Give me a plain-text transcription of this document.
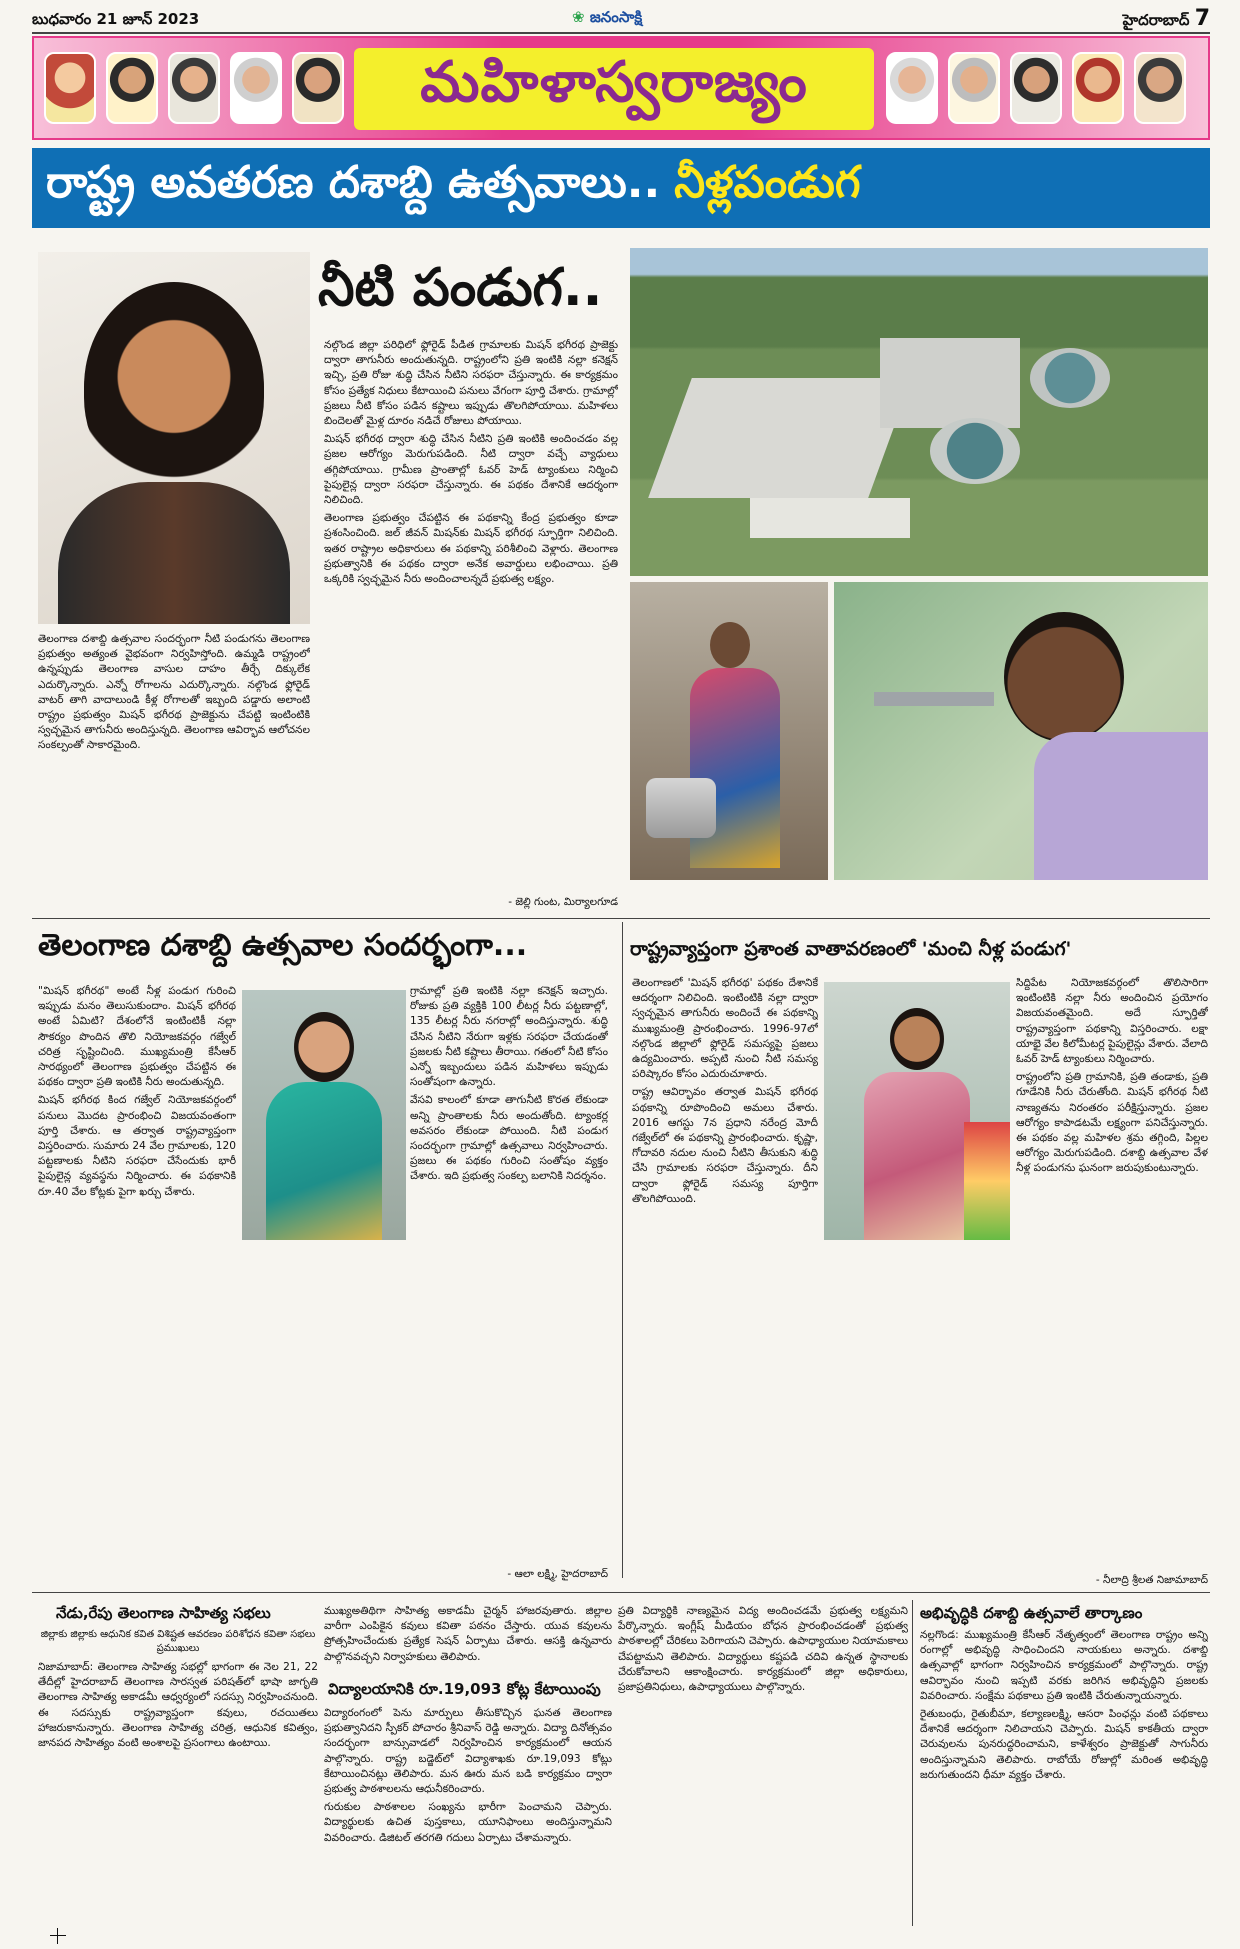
బుధవారం 21 జూన్ 2023	❀ జనంసాక్షి	హైదరాబాద్ 7
మహిళాస్వరాజ్యం
రాష్ట్ర అవతరణ దశాబ్ది ఉత్సవాలు.. నీళ్లపండుగ
నీటి పండుగ..

తెలంగాణ దశాబ్ది ఉత్సవాల సందర్భంగా నీటి పండుగను తెలంగాణ ప్రభుత్వం అత్యంత వైభవంగా నిర్వహిస్తోంది. ఉమ్మడి రాష్ట్రంలో ఉన్నప్పుడు తెలంగాణ వాసుల దాహం తీర్చే దిక్కులేక ఎదుర్కొన్నారు. ఎన్నో రోగాలను ఎదుర్కొన్నారు. నల్గొండ ఫ్లోరైడ్ వాటర్ తాగి వాదాలుండి కీళ్ల రోగాలతో ఇబ్బంది పడ్డారు అలాంటి రాష్ట్రం ప్రభుత్వం మిషన్ భగీరథ ప్రాజెక్టును చేపట్టి ఇంటింటికి స్వచ్ఛమైన తాగునీరు అందిస్తున్నది. తెలంగాణ ఆవిర్భావ ఆలోచనల సంకల్పంతో సాకారమైంది.

నల్గొండ జిల్లా పరిధిలో ఫ్లోరైడ్ పీడిత గ్రామాలకు మిషన్ భగీరథ ప్రాజెక్టు ద్వారా తాగునీరు అందుతున్నది. రాష్ట్రంలోని ప్రతి ఇంటికి నల్లా కనెక్షన్ ఇచ్చి, ప్రతి రోజు శుద్ధి చేసిన నీటిని సరఫరా చేస్తున్నారు. ఈ కార్యక్రమం కోసం ప్రత్యేక నిధులు కేటాయించి పనులు వేగంగా పూర్తి చేశారు. గ్రామాల్లో ప్రజలు నీటి కోసం పడిన కష్టాలు ఇప్పుడు తొలగిపోయాయి. మహిళలు బిందెలతో మైళ్ల దూరం నడిచే రోజులు పోయాయి.

మిషన్ భగీరథ ద్వారా శుద్ధి చేసిన నీటిని ప్రతి ఇంటికి అందించడం వల్ల ప్రజల ఆరోగ్యం మెరుగుపడింది. నీటి ద్వారా వచ్చే వ్యాధులు తగ్గిపోయాయి. గ్రామీణ ప్రాంతాల్లో ఓవర్ హెడ్ ట్యాంకులు నిర్మించి పైపులైన్ల ద్వారా సరఫరా చేస్తున్నారు. ఈ పథకం దేశానికే ఆదర్శంగా నిలిచింది.

తెలంగాణ ప్రభుత్వం చేపట్టిన ఈ పథకాన్ని కేంద్ర ప్రభుత్వం కూడా ప్రశంసించింది. జల్ జీవన్ మిషన్‌కు మిషన్ భగీరథ స్ఫూర్తిగా నిలిచింది. ఇతర రాష్ట్రాల అధికారులు ఈ పథకాన్ని పరిశీలించి వెళ్లారు. తెలంగాణ ప్రభుత్వానికి ఈ పథకం ద్వారా అనేక అవార్డులు లభించాయి. ప్రతి ఒక్కరికి స్వచ్ఛమైన నీరు అందించాలన్నదే ప్రభుత్వ లక్ష్యం.

- జెల్లి గుంట, మిర్యాలగూడ
తెలంగాణ దశాబ్ది ఉత్సవాల సందర్భంగా...

"మిషన్ భగీరథ" అంటే నీళ్ల పండుగ గురించి ఇప్పుడు మనం తెలుసుకుందాం. మిషన్ భగీరథ అంటే ఏమిటి? దేశంలోనే ఇంటింటికీ నల్లా సౌకర్యం పొందిన తొలి నియోజకవర్గం గజ్వేల్ చరిత్ర సృష్టించింది. ముఖ్యమంత్రి కేసీఆర్ సారథ్యంలో తెలంగాణ ప్రభుత్వం చేపట్టిన ఈ పథకం ద్వారా ప్రతి ఇంటికి నీరు అందుతున్నది.

మిషన్ భగీరథ కింద గజ్వేల్ నియోజకవర్గంలో పనులు మొదట ప్రారంభించి విజయవంతంగా పూర్తి చేశారు. ఆ తర్వాత రాష్ట్రవ్యాప్తంగా విస్తరించారు. సుమారు 24 వేల గ్రామాలకు, 120 పట్టణాలకు నీటిని సరఫరా చేసేందుకు భారీ పైపులైన్ల వ్యవస్థను నిర్మించారు. ఈ పథకానికి రూ.40 వేల కోట్లకు పైగా ఖర్చు చేశారు.

గ్రామాల్లో ప్రతి ఇంటికి నల్లా కనెక్షన్ ఇచ్చారు. రోజుకు ప్రతి వ్యక్తికి 100 లీటర్ల నీరు పట్టణాల్లో, 135 లీటర్ల నీరు నగరాల్లో అందిస్తున్నారు. శుద్ధి చేసిన నీటిని నేరుగా ఇళ్లకు సరఫరా చేయడంతో ప్రజలకు నీటి కష్టాలు తీరాయి. గతంలో నీటి కోసం ఎన్నో ఇబ్బందులు పడిన మహిళలు ఇప్పుడు సంతోషంగా ఉన్నారు.

వేసవి కాలంలో కూడా తాగునీటి కొరత లేకుండా అన్ని ప్రాంతాలకు నీరు అందుతోంది. ట్యాంకర్ల అవసరం లేకుండా పోయింది. నీటి పండుగ సందర్భంగా గ్రామాల్లో ఉత్సవాలు నిర్వహించారు. ప్రజలు ఈ పథకం గురించి సంతోషం వ్యక్తం చేశారు. ఇది ప్రభుత్వ సంకల్ప బలానికి నిదర్శనం.

- ఆలా లక్ష్మి, హైదరాబాద్
రాష్ట్రవ్యాప్తంగా ప్రశాంత వాతావరణంలో 'మంచి నీళ్ల పండుగ'

తెలంగాణలో 'మిషన్ భగీరథ' పథకం దేశానికే ఆదర్శంగా నిలిచింది. ఇంటింటికి నల్లా ద్వారా స్వచ్ఛమైన తాగునీరు అందించే ఈ పథకాన్ని ముఖ్యమంత్రి ప్రారంభించారు. 1996-97లో నల్గొండ జిల్లాలో ఫ్లోరైడ్ సమస్యపై ప్రజలు ఉద్యమించారు. అప్పటి నుంచి నీటి సమస్య పరిష్కారం కోసం ఎదురుచూశారు.

రాష్ట్ర ఆవిర్భావం తర్వాత మిషన్ భగీరథ పథకాన్ని రూపొందించి అమలు చేశారు. 2016 ఆగస్టు 7న ప్రధాని నరేంద్ర మోదీ గజ్వేల్‌లో ఈ పథకాన్ని ప్రారంభించారు. కృష్ణా, గోదావరి నదుల నుంచి నీటిని తీసుకుని శుద్ధి చేసి గ్రామాలకు సరఫరా చేస్తున్నారు. దీని ద్వారా ఫ్లోరైడ్ సమస్య పూర్తిగా తొలగిపోయింది.

సిద్దిపేట నియోజకవర్గంలో తొలిసారిగా ఇంటింటికి నల్లా నీరు అందించిన ప్రయోగం విజయవంతమైంది. అదే స్ఫూర్తితో రాష్ట్రవ్యాప్తంగా పథకాన్ని విస్తరించారు. లక్షా యాభై వేల కిలోమీటర్ల పైపులైన్లు వేశారు. వేలాది ఓవర్ హెడ్ ట్యాంకులు నిర్మించారు.

రాష్ట్రంలోని ప్రతి గ్రామానికి, ప్రతి తండాకు, ప్రతి గూడేనికి నీరు చేరుతోంది. మిషన్ భగీరథ నీటి నాణ్యతను నిరంతరం పరీక్షిస్తున్నారు. ప్రజల ఆరోగ్యం కాపాడటమే లక్ష్యంగా పనిచేస్తున్నారు. ఈ పథకం వల్ల మహిళల శ్రమ తగ్గింది, పిల్లల ఆరోగ్యం మెరుగుపడింది. దశాబ్ది ఉత్సవాల వేళ నీళ్ల పండుగను ఘనంగా జరుపుకుంటున్నారు.

- నీలాద్రి శ్రీలత నిజామాబాద్
నేడు,రేపు తెలంగాణ సాహిత్య సభలు
జిల్లాకు జిల్లాకు ఆధునిక కవిత విశిష్టత ఆవరణం పరిశోధన కవితా సభలు ప్రముఖులు

నిజామాబాద్: తెలంగాణ సాహిత్య సభల్లో భాగంగా ఈ నెల 21, 22 తేదీల్లో హైదరాబాద్ తెలంగాణ సారస్వత పరిషత్‌లో భాషా జాగృతి తెలంగాణ సాహిత్య అకాడమీ ఆధ్వర్యంలో సదస్సు నిర్వహించనుంది. ఈ సదస్సుకు రాష్ట్రవ్యాప్తంగా కవులు, రచయితలు హాజరుకానున్నారు. తెలంగాణ సాహిత్య చరిత్ర, ఆధునిక కవిత్వం, జానపద సాహిత్యం వంటి అంశాలపై ప్రసంగాలు ఉంటాయి.

ముఖ్యఅతిథిగా సాహిత్య అకాడమీ చైర్మన్ హాజరవుతారు. జిల్లాల వారీగా ఎంపికైన కవులు కవితా పఠనం చేస్తారు. యువ కవులను ప్రోత్సహించేందుకు ప్రత్యేక సెషన్ ఏర్పాటు చేశారు. ఆసక్తి ఉన్నవారు పాల్గొనవచ్చని నిర్వాహకులు తెలిపారు.

విద్యాలయానికి రూ.19,093 కోట్ల కేటాయింపు

విద్యారంగంలో పెను మార్పులు తీసుకొచ్చిన ఘనత తెలంగాణ ప్రభుత్వానిదని స్పీకర్ పోచారం శ్రీనివాస్ రెడ్డి అన్నారు. విద్యా దినోత్సవం సందర్భంగా బాన్సువాడలో నిర్వహించిన కార్యక్రమంలో ఆయన పాల్గొన్నారు. రాష్ట్ర బడ్జెట్‌లో విద్యాశాఖకు రూ.19,093 కోట్లు కేటాయించినట్లు తెలిపారు. మన ఊరు మన బడి కార్యక్రమం ద్వారా ప్రభుత్వ పాఠశాలలను ఆధునీకరించారు.

గురుకుల పాఠశాలల సంఖ్యను భారీగా పెంచామని చెప్పారు. విద్యార్థులకు ఉచిత పుస్తకాలు, యూనిఫాంలు అందిస్తున్నామని వివరించారు. డిజిటల్ తరగతి గదులు ఏర్పాటు చేశామన్నారు.

ప్రతి విద్యార్థికి నాణ్యమైన విద్య అందించడమే ప్రభుత్వ లక్ష్యమని పేర్కొన్నారు. ఇంగ్లీష్ మీడియం బోధన ప్రారంభించడంతో ప్రభుత్వ పాఠశాలల్లో చేరికలు పెరిగాయని చెప్పారు. ఉపాధ్యాయుల నియామకాలు చేపట్టామని తెలిపారు. విద్యార్థులు కష్టపడి చదివి ఉన్నత స్థానాలకు చేరుకోవాలని ఆకాంక్షించారు. కార్యక్రమంలో జిల్లా అధికారులు, ప్రజాప్రతినిధులు, ఉపాధ్యాయులు పాల్గొన్నారు.

అభివృద్ధికి దశాబ్ది ఉత్సవాలే తార్కాణం

నల్లగొండ: ముఖ్యమంత్రి కేసీఆర్ నేతృత్వంలో తెలంగాణ రాష్ట్రం అన్ని రంగాల్లో అభివృద్ధి సాధించిందని నాయకులు అన్నారు. దశాబ్ది ఉత్సవాల్లో భాగంగా నిర్వహించిన కార్యక్రమంలో పాల్గొన్నారు. రాష్ట్ర ఆవిర్భావం నుంచి ఇప్పటి వరకు జరిగిన అభివృద్ధిని ప్రజలకు వివరించారు. సంక్షేమ పథకాలు ప్రతి ఇంటికి చేరుతున్నాయన్నారు.

రైతుబంధు, రైతుబీమా, కల్యాణలక్ష్మి, ఆసరా పింఛన్లు వంటి పథకాలు దేశానికే ఆదర్శంగా నిలిచాయని చెప్పారు. మిషన్ కాకతీయ ద్వారా చెరువులను పునరుద్ధరించామని, కాళేశ్వరం ప్రాజెక్టుతో సాగునీరు అందిస్తున్నామని తెలిపారు. రాబోయే రోజుల్లో మరింత అభివృద్ధి జరుగుతుందని ధీమా వ్యక్తం చేశారు.
